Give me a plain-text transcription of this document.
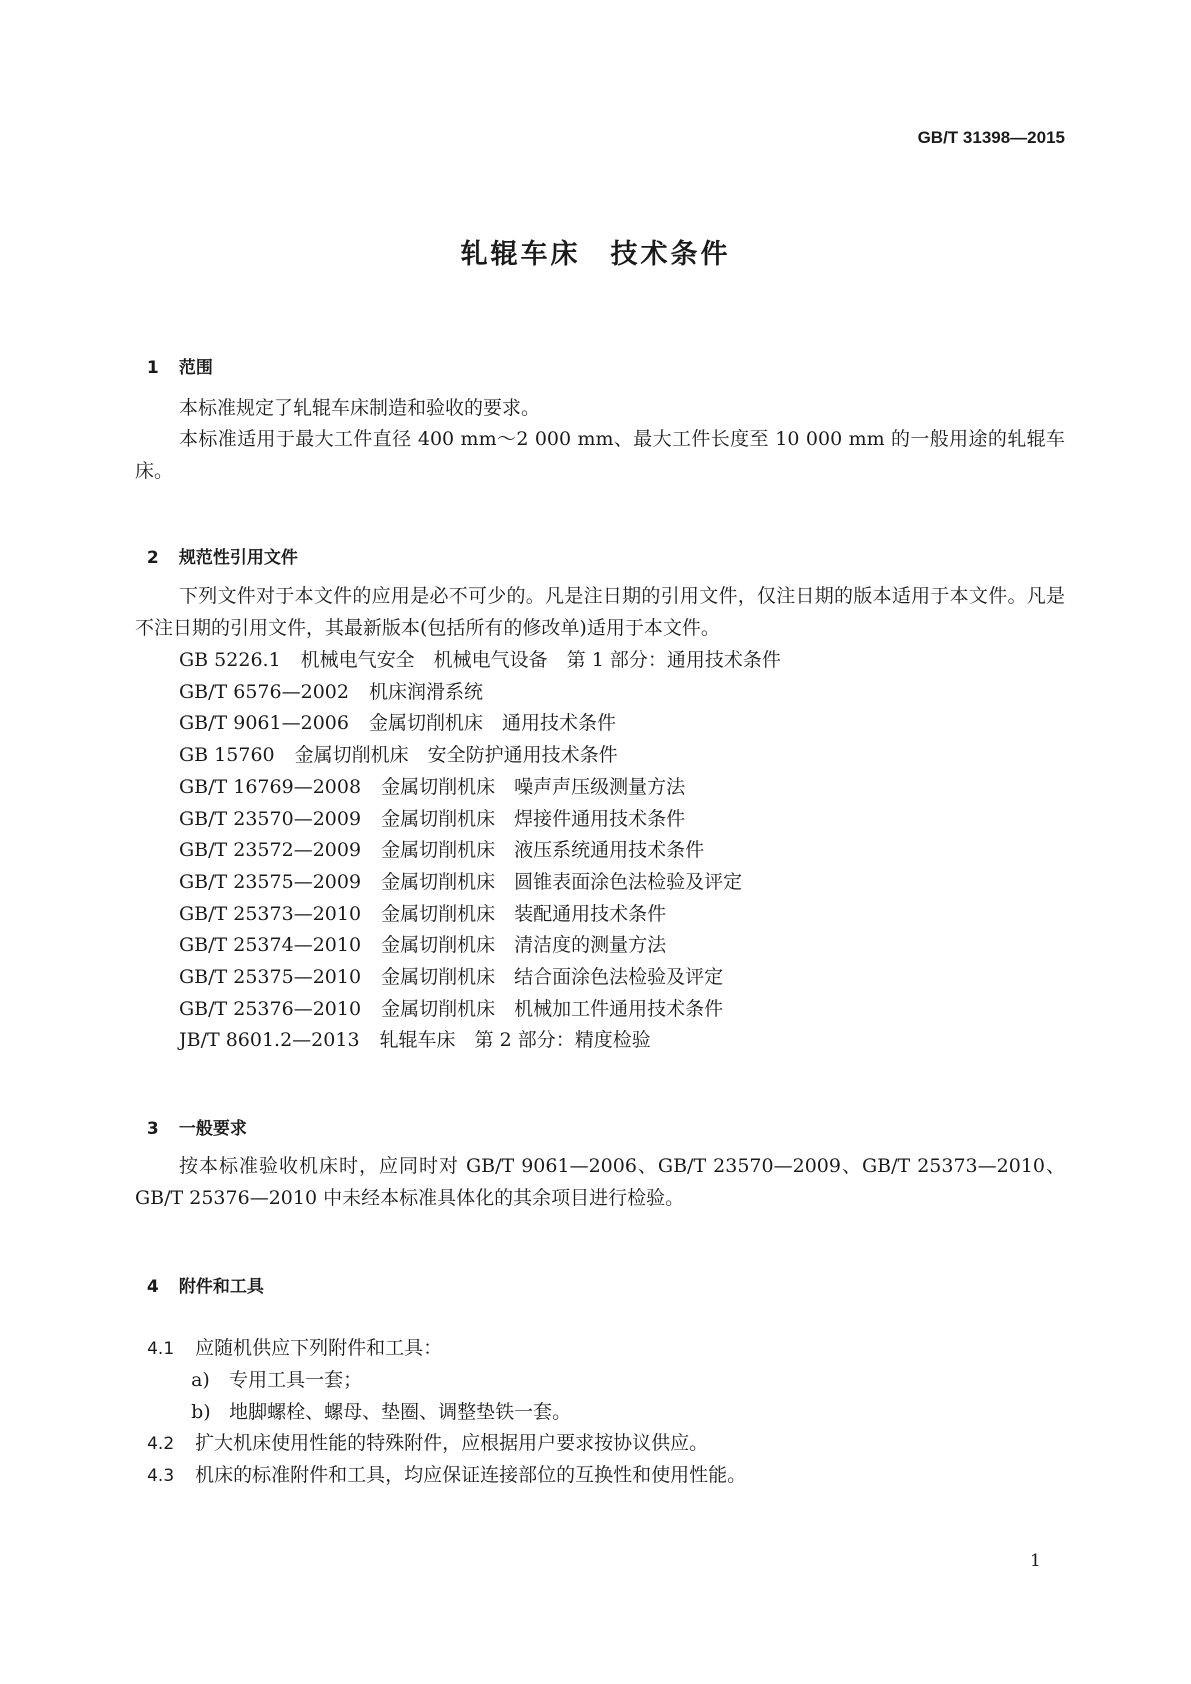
GB/T 31398—2015
轧辊车床　技术条件

1 范围

本标准规定了轧辊车床制造和验收的要求。
本标准适用于最大工件直径 400 mm～2 000 mm、最大工件长度至 10 000 mm 的一般用途的轧辊车床。

2 规范性引用文件

下列文件对于本文件的应用是必不可少的。凡是注日期的引用文件，仅注日期的版本适用于本文件。凡是不注日期的引用文件，其最新版本(包括所有的修改单)适用于本文件。
GB 5226.1 机械电气安全　机械电气设备　第 1 部分：通用技术条件
GB/T 6576—2002 机床润滑系统
GB/T 9061—2006 金属切削机床　通用技术条件
GB 15760 金属切削机床　安全防护通用技术条件
GB/T 16769—2008 金属切削机床　噪声声压级测量方法
GB/T 23570—2009 金属切削机床　焊接件通用技术条件
GB/T 23572—2009 金属切削机床　液压系统通用技术条件
GB/T 23575—2009 金属切削机床　圆锥表面涂色法检验及评定
GB/T 25373—2010 金属切削机床　装配通用技术条件
GB/T 25374—2010 金属切削机床　清洁度的测量方法
GB/T 25375—2010 金属切削机床　结合面涂色法检验及评定
GB/T 25376—2010 金属切削机床　机械加工件通用技术条件
JB/T 8601.2—2013 轧辊车床　第 2 部分：精度检验

3 一般要求

按本标准验收机床时，应同时对 GB/T 9061—2006、GB/T 23570—2009、GB/T 25373—2010、GB/T 25376—2010 中未经本标准具体化的其余项目进行检验。

4 附件和工具

4.1 应随机供应下列附件和工具：

a) 专用工具一套；

b) 地脚螺栓、螺母、垫圈、调整垫铁一套。

4.2 扩大机床使用性能的特殊附件，应根据用户要求按协议供应。

4.3 机床的标准附件和工具，均应保证连接部位的互换性和使用性能。

1
